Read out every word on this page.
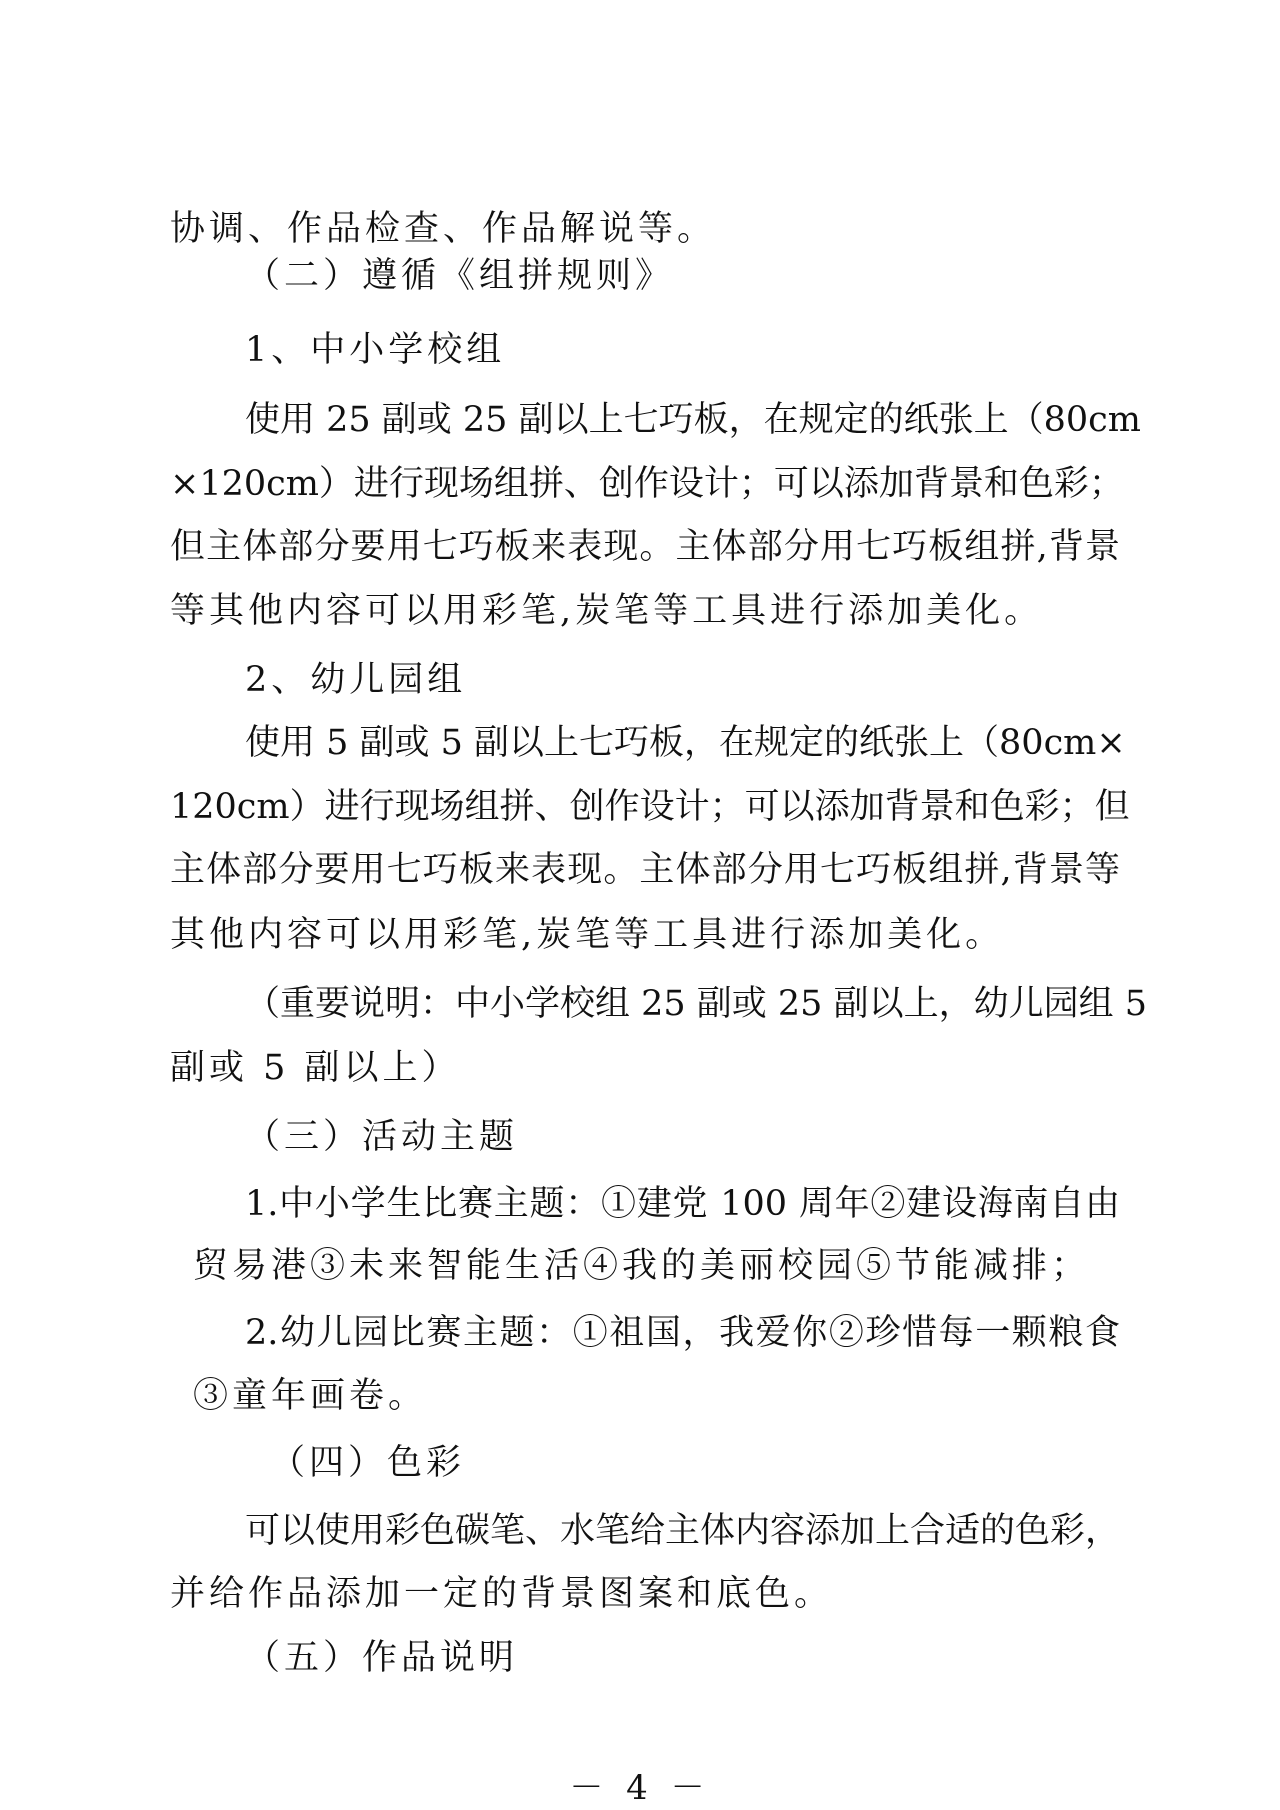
协调、作品检查、作品解说等。
（二）遵循《组拼规则》
1、中小学校组
使用 25 副或 25 副以上七巧板，在规定的纸张上（80cm
×120cm）进行现场组拼、创作设计；可以添加背景和色彩；
但主体部分要用七巧板来表现。主体部分用七巧板组拼,背景
等其他内容可以用彩笔,炭笔等工具进行添加美化。
2、幼儿园组
使用 5 副或 5 副以上七巧板，在规定的纸张上（80cm×
120cm）进行现场组拼、创作设计；可以添加背景和色彩；但
主体部分要用七巧板来表现。主体部分用七巧板组拼,背景等
其他内容可以用彩笔,炭笔等工具进行添加美化。
（重要说明：中小学校组 25 副或 25 副以上，幼儿园组 5
副或 5 副以上）
（三）活动主题
1.中小学生比赛主题：①建党 100 周年②建设海南自由
贸易港③未来智能生活④我的美丽校园⑤节能减排；
2.幼儿园比赛主题：①祖国，我爱你②珍惜每一颗粮食
③童年画卷。
（四）色彩
可以使用彩色碳笔、水笔给主体内容添加上合适的色彩，
并给作品添加一定的背景图案和底色。
（五）作品说明
－ 4 －
